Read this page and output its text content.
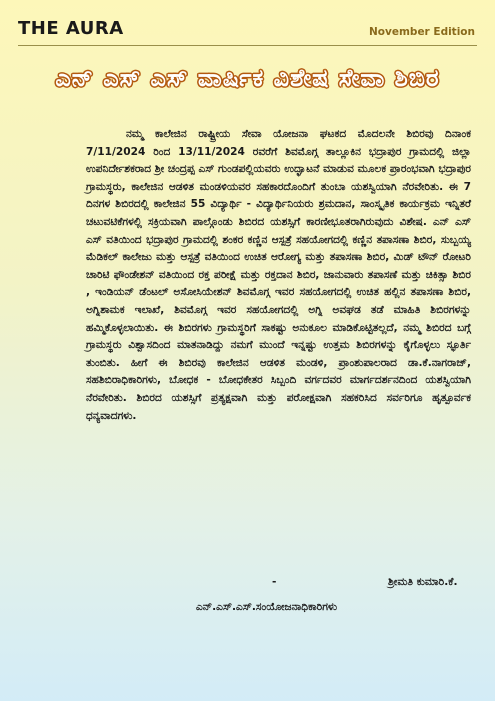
THE AURA	November Edition
ಎನ್ ಎಸ್ ಎಸ್ ವಾರ್ಷಿಕ ವಿಶೇಷ ಸೇವಾ ಶಿಬಿರ

ನಮ್ಮ ಕಾಲೇಜಿನ ರಾಷ್ಟ್ರೀಯ ಸೇವಾ ಯೋಜನಾ ಘಟಕದ ಮೊದಲನೇ ಶಿಬಿರವು ದಿನಾಂಕ 7/11/2024 ರಿಂದ 13/11/2024 ರವರೆಗೆ ಶಿವಮೊಗ್ಗ ತಾಲ್ಲೂಕಿನ ಭದ್ರಾಪುರ ಗ್ರಾಮದಲ್ಲಿ ಜಿಲ್ಲಾ ಉಪನಿರ್ದೇಶಕರಾದ ಶ್ರೀ ಚಂದ್ರಪ್ಪ ಎಸ್ ಗುಂಡಪಲ್ಲಿಯವರು ಉದ್ಘಾಟನೆ ಮಾಡುವ ಮೂಲಕ ಪ್ರಾರಂಭವಾಗಿ ಭದ್ರಾಪುರ ಗ್ರಾಮಸ್ಥರು, ಕಾಲೇಜಿನ ಆಡಳಿತ ಮಂಡಳಿಯವರ ಸಹಕಾರದೊಂದಿಗೆ ತುಂಬಾ ಯಶಸ್ವಿಯಾಗಿ ನೆರವೇರಿತು. ಈ 7 ದಿನಗಳ ಶಿಬಿರದಲ್ಲಿ ಕಾಲೇಜಿನ 55 ವಿದ್ಯಾರ್ಥಿ - ವಿದ್ಯಾರ್ಥಿನಿಯರು ಶ್ರಮದಾನ, ಸಾಂಸ್ಕೃತಿಕ ಕಾರ್ಯಕ್ರಮ ಇನ್ನಿತರೆ ಚಟುವಟಿಕೆಗಳಲ್ಲಿ ಸಕ್ರಿಯವಾಗಿ ಪಾಲ್ಗೊಂಡು ಶಿಬಿರದ ಯಶಸ್ಸಿಗೆ ಕಾರಣೀಭೂತರಾಗಿರುವುದು ವಿಶೇಷ. ಎನ್ ಎಸ್ ಎಸ್ ವತಿಯಿಂದ ಭದ್ರಾಪುರ ಗ್ರಾಮದಲ್ಲಿ ಶಂಕರ ಕಣ್ಣಿನ ಆಸ್ಪತ್ರೆ ಸಹಯೋಗದಲ್ಲಿ ಕಣ್ಣಿನ ತಪಾಸಣಾ ಶಿಬಿರ, ಸುಬ್ಬಯ್ಯ ಮೆಡಿಕಲ್ ಕಾಲೇಜು ಮತ್ತು ಆಸ್ಪತ್ರೆ ವತಿಯಿಂದ ಉಚಿತ ಆರೋಗ್ಯ ಮತ್ತು ತಪಾಸಣಾ ಶಿಬಿರ, ಮಿಡ್ ಟೌನ್ ರೋಟರಿ ಚಾರಿಟಿ ಫೌಂಡೇಶನ್ ವತಿಯಿಂದ ರಕ್ತ ಪರೀಕ್ಷೆ ಮತ್ತು ರಕ್ತದಾನ ಶಿಬಿರ, ಜಾನುವಾರು ತಪಾಸಣೆ ಮತ್ತು ಚಿಕಿತ್ಸಾ ಶಿಬಿರ , ಇಂಡಿಯನ್ ಡೆಂಟಲ್ ಅಸೋಸಿಯೇಶನ್ ಶಿವಮೊಗ್ಗ ಇವರ ಸಹಯೋಗದಲ್ಲಿ ಉಚಿತ ಹಲ್ಲಿನ ತಪಾಸಣಾ ಶಿಬಿರ, ಅಗ್ನಿಶಾಮಕ ಇಲಾಖೆ, ಶಿವಮೊಗ್ಗ ಇವರ ಸಹಯೋಗದಲ್ಲಿ ಅಗ್ನಿ ಅವಘಡ ತಡೆ ಮಾಹಿತಿ ಶಿಬಿರಗಳನ್ನು ಹಮ್ಮಿಕೊಳ್ಳಲಾಯಿತು. ಈ ಶಿಬಿರಗಳು ಗ್ರಾಮಸ್ಥರಿಗೆ ಸಾಕಷ್ಟು ಅನುಕೂಲ ಮಾಡಿಕೊಟ್ಟಿತಲ್ಲದೆ, ನಮ್ಮ ಶಿಬಿರದ ಬಗ್ಗೆ ಗ್ರಾಮಸ್ಥರು ವಿಶ್ವಾಸದಿಂದ ಮಾತನಾಡಿದ್ದು ನಮಗೆ ಮುಂದೆ ಇನ್ನಷ್ಟು ಉತ್ತಮ ಶಿಬಿರಗಳನ್ನು ಕೈಗೊಳ್ಳಲು ಸ್ಫೂರ್ತಿ ತುಂಬಿತು. ಹೀಗೆ ಈ ಶಿಬಿರವು ಕಾಲೇಜಿನ ಆಡಳಿತ ಮಂಡಳಿ, ಪ್ರಾಂಶುಪಾಲರಾದ ಡಾ.ಕೆ.ನಾಗರಾಜ್, ಸಹಶಿಬಿರಾಧಿಕಾರಿಗಳು, ಬೋಧಕ - ಬೋಧಕೇತರ ಸಿಬ್ಬಂದಿ ವರ್ಗದವರ ಮಾರ್ಗದರ್ಶನದಿಂದ ಯಶಸ್ವಿಯಾಗಿ ನೆರವೇರಿತು. ಶಿಬಿರದ ಯಶಸ್ಸಿಗೆ ಪ್ರತ್ಯಕ್ಷವಾಗಿ ಮತ್ತು ಪರೋಕ್ಷವಾಗಿ ಸಹಕರಿಸಿದ ಸರ್ವರಿಗೂ ಹೃತ್ಪೂರ್ವಕ ಧನ್ಯವಾದಗಳು.

-	ಶ್ರೀಮತಿ ಕುಮಾರಿ.ಕೆ.
ಎನ್.ಎಸ್.ಎಸ್.ಸಂಯೋಜನಾಧಿಕಾರಿಗಳು
